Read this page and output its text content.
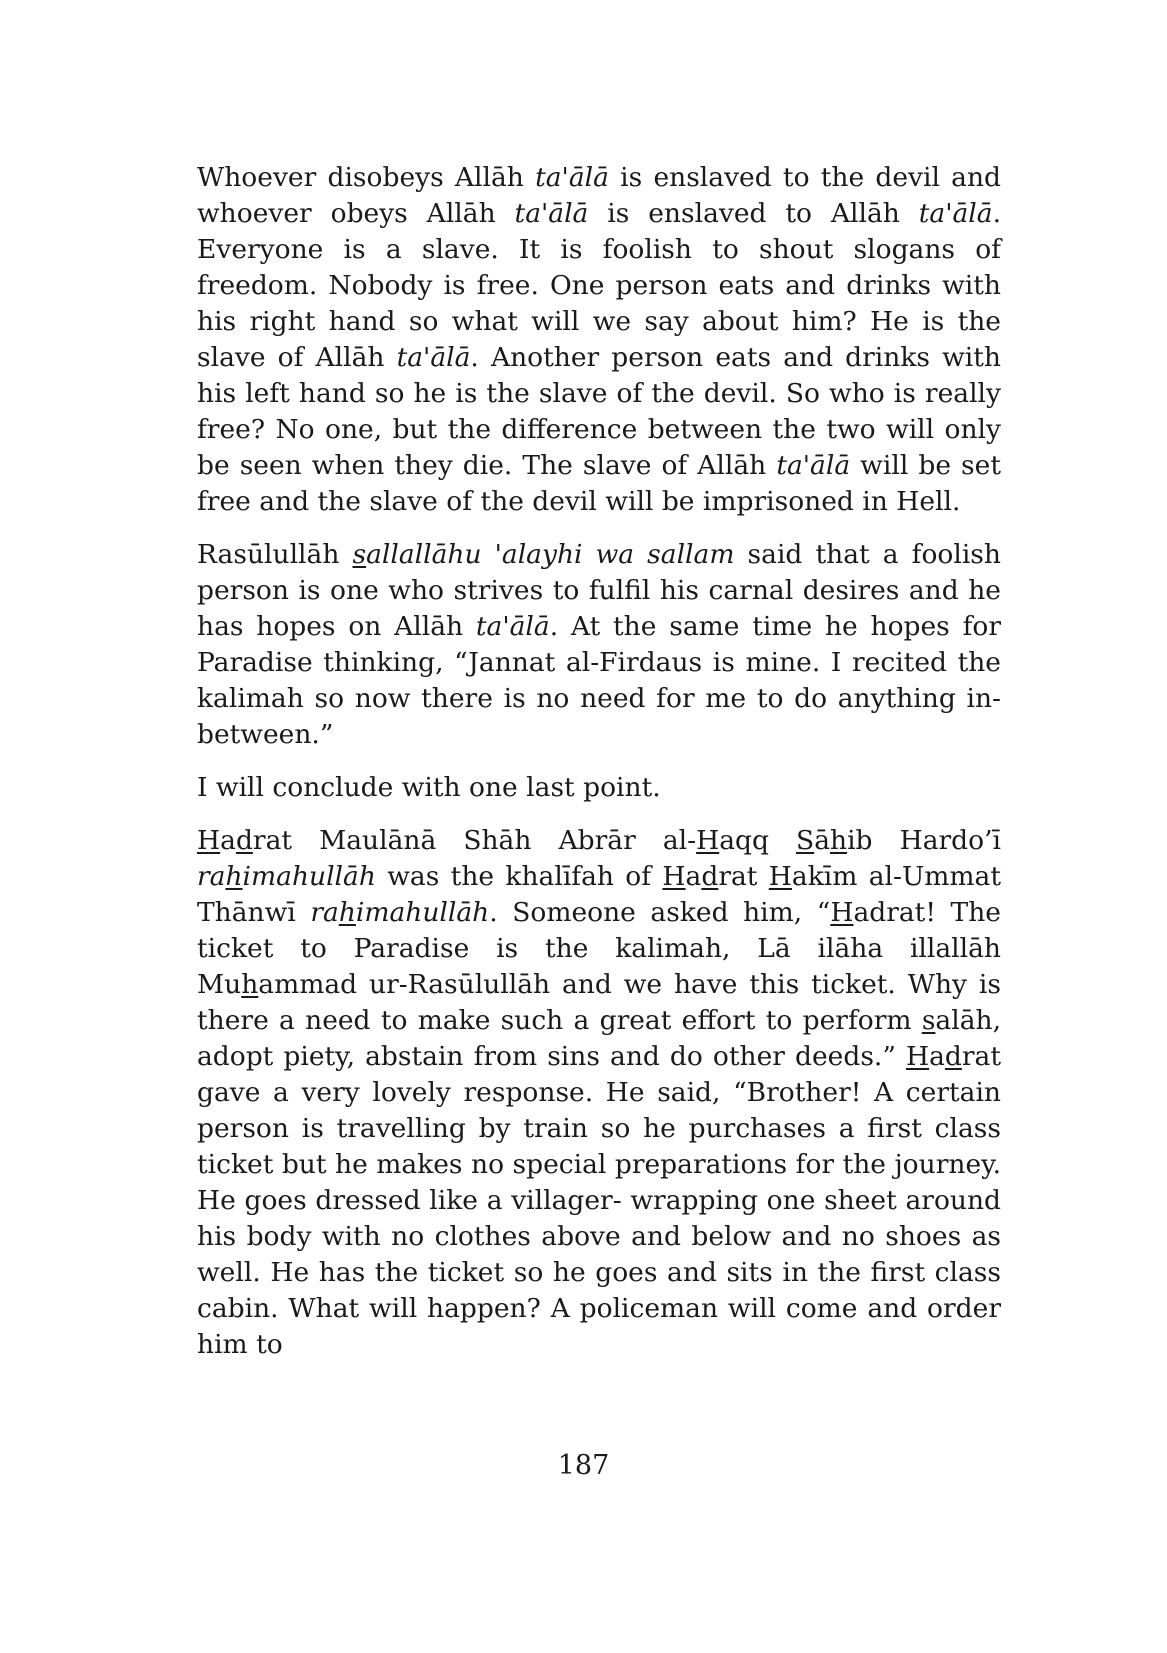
Whoever disobeys Allāh ta'ālā is enslaved to the devil and whoever obeys Allāh ta'ālā is enslaved to Allāh ta'ālā. Everyone is a slave. It is foolish to shout slogans of freedom. Nobody is free. One person eats and drinks with his right hand so what will we say about him? He is the slave of Allāh ta'ālā. Another person eats and drinks with his left hand so he is the slave of the devil. So who is really free? No one, but the difference between the two will only be seen when they die. The slave of Allāh ta'ālā will be set free and the slave of the devil will be imprisoned in Hell.

Rasūlullāh sallallāhu 'alayhi wa sallam said that a foolish person is one who strives to fulfil his carnal desires and he has hopes on Allāh ta'ālā. At the same time he hopes for Paradise thinking, “Jannat al-Firdaus is mine. I recited the kalimah so now there is no need for me to do anything in-between.”

I will conclude with one last point.

Hadrat Maulānā Shāh Abrār al-Haqq Sāhib Hardo’ī rahimahullāh was the khalīfah of Hadrat Hakīm al-Ummat Thānwī rahimahullāh. Someone asked him, “Hadrat! The ticket to Paradise is the kalimah, Lā ilāha illallāh Muhammad ur-Rasūlullāh and we have this ticket. Why is there a need to make such a great effort to perform salāh, adopt piety, abstain from sins and do other deeds.” Hadrat gave a very lovely response. He said, “Brother! A certain person is travelling by train so he purchases a first class ticket but he makes no special preparations for the journey. He goes dressed like a villager- wrapping one sheet around his body with no clothes above and below and no shoes as well. He has the ticket so he goes and sits in the first class cabin. What will happen? A policeman will come and order him to

187
